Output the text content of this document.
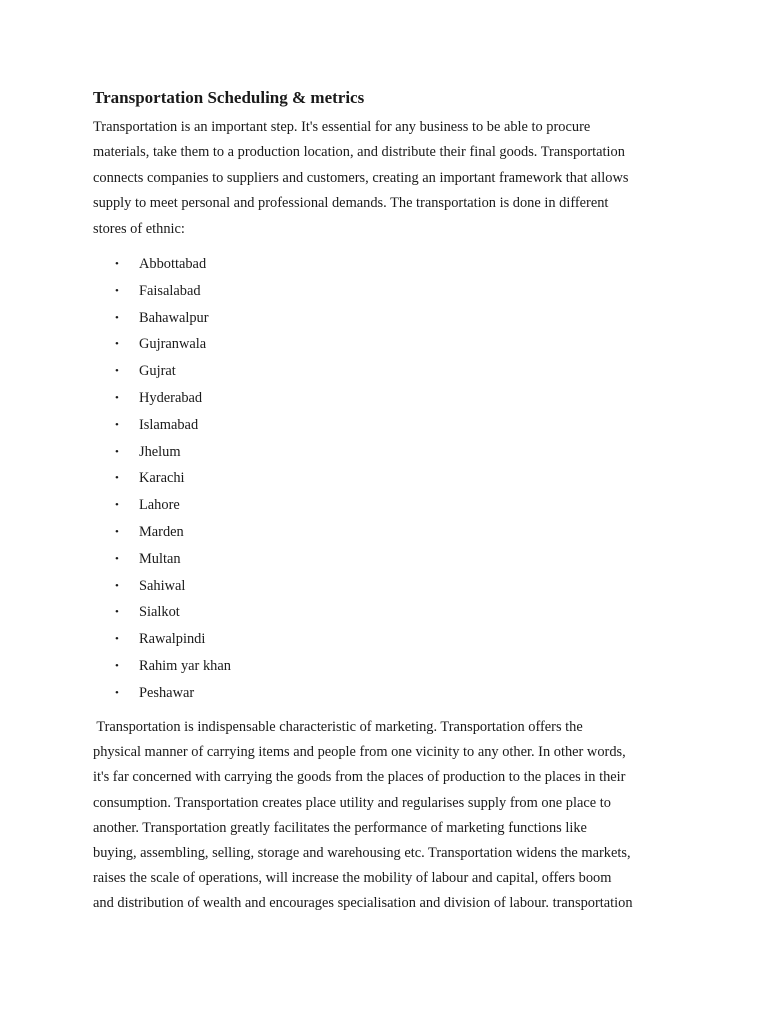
Transportation Scheduling & metrics

Transportation is an important step. It's essential for any business to be able to procure
materials, take them to a production location, and distribute their final goods. Transportation
connects companies to suppliers and customers, creating an important framework that allows
supply to meet personal and professional demands. The transportation is done in different
stores of ethnic:

• Abbottabad
• Faisalabad
• Bahawalpur
• Gujranwala
• Gujrat
• Hyderabad
• Islamabad
• Jhelum
• Karachi
• Lahore
• Marden
• Multan
• Sahiwal
• Sialkot
• Rawalpindi
• Rahim yar khan
• Peshawar

Transportation is indispensable characteristic of marketing. Transportation offers the
physical manner of carrying items and people from one vicinity to any other. In other words,
it's far concerned with carrying the goods from the places of production to the places in their
consumption. Transportation creates place utility and regularises supply from one place to
another. Transportation greatly facilitates the performance of marketing functions like
buying, assembling, selling, storage and warehousing etc. Transportation widens the markets,
raises the scale of operations, will increase the mobility of labour and capital, offers boom
and distribution of wealth and encourages specialisation and division of labour. transportation
